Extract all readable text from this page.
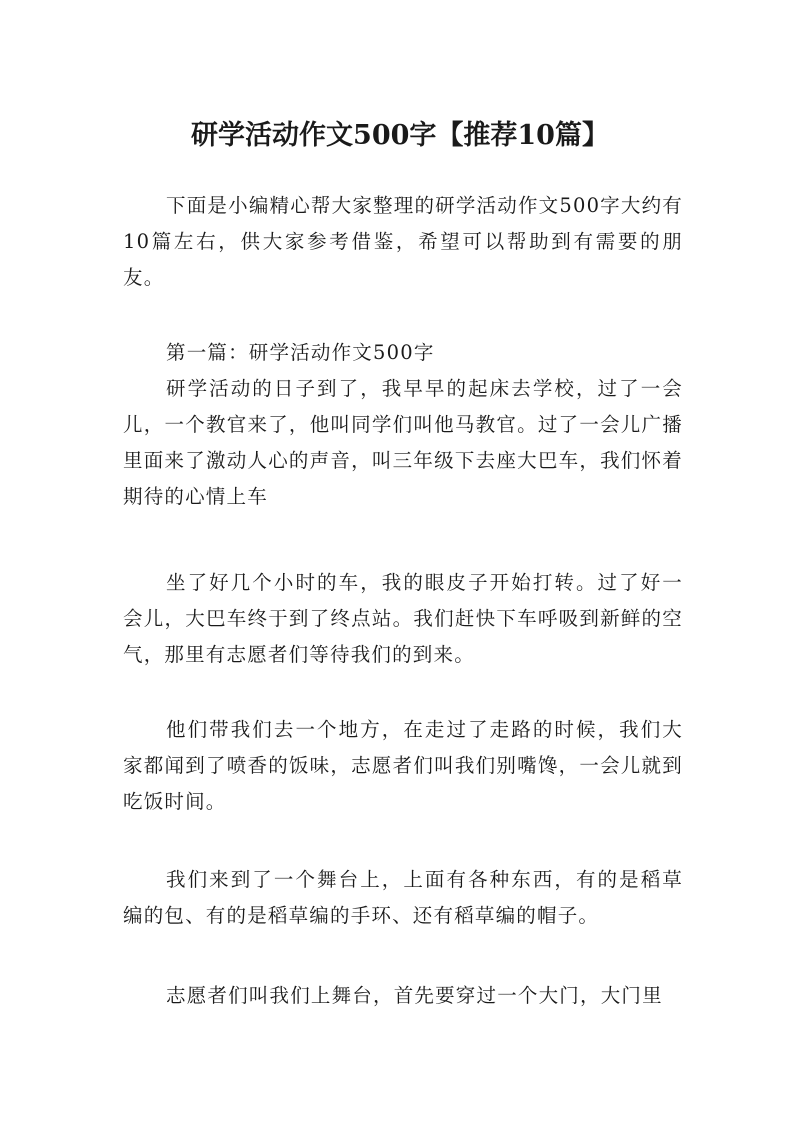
研学活动作文500字【推荐10篇】

下面是小编精心帮大家整理的研学活动作文500字大约有10篇左右，供大家参考借鉴，希望可以帮助到有需要的朋友。

第一篇：研学活动作文500字

研学活动的日子到了，我早早的起床去学校，过了一会儿，一个教官来了，他叫同学们叫他马教官。过了一会儿广播里面来了激动人心的声音，叫三年级下去座大巴车，我们怀着期待的心情上车

坐了好几个小时的车，我的眼皮子开始打转。过了好一会儿，大巴车终于到了终点站。我们赶快下车呼吸到新鲜的空气，那里有志愿者们等待我们的到来。

他们带我们去一个地方，在走过了走路的时候，我们大家都闻到了喷香的饭味，志愿者们叫我们别嘴馋，一会儿就到吃饭时间。

我们来到了一个舞台上，上面有各种东西，有的是稻草编的包、有的是稻草编的手环、还有稻草编的帽子。

志愿者们叫我们上舞台，首先要穿过一个大门，大门里
